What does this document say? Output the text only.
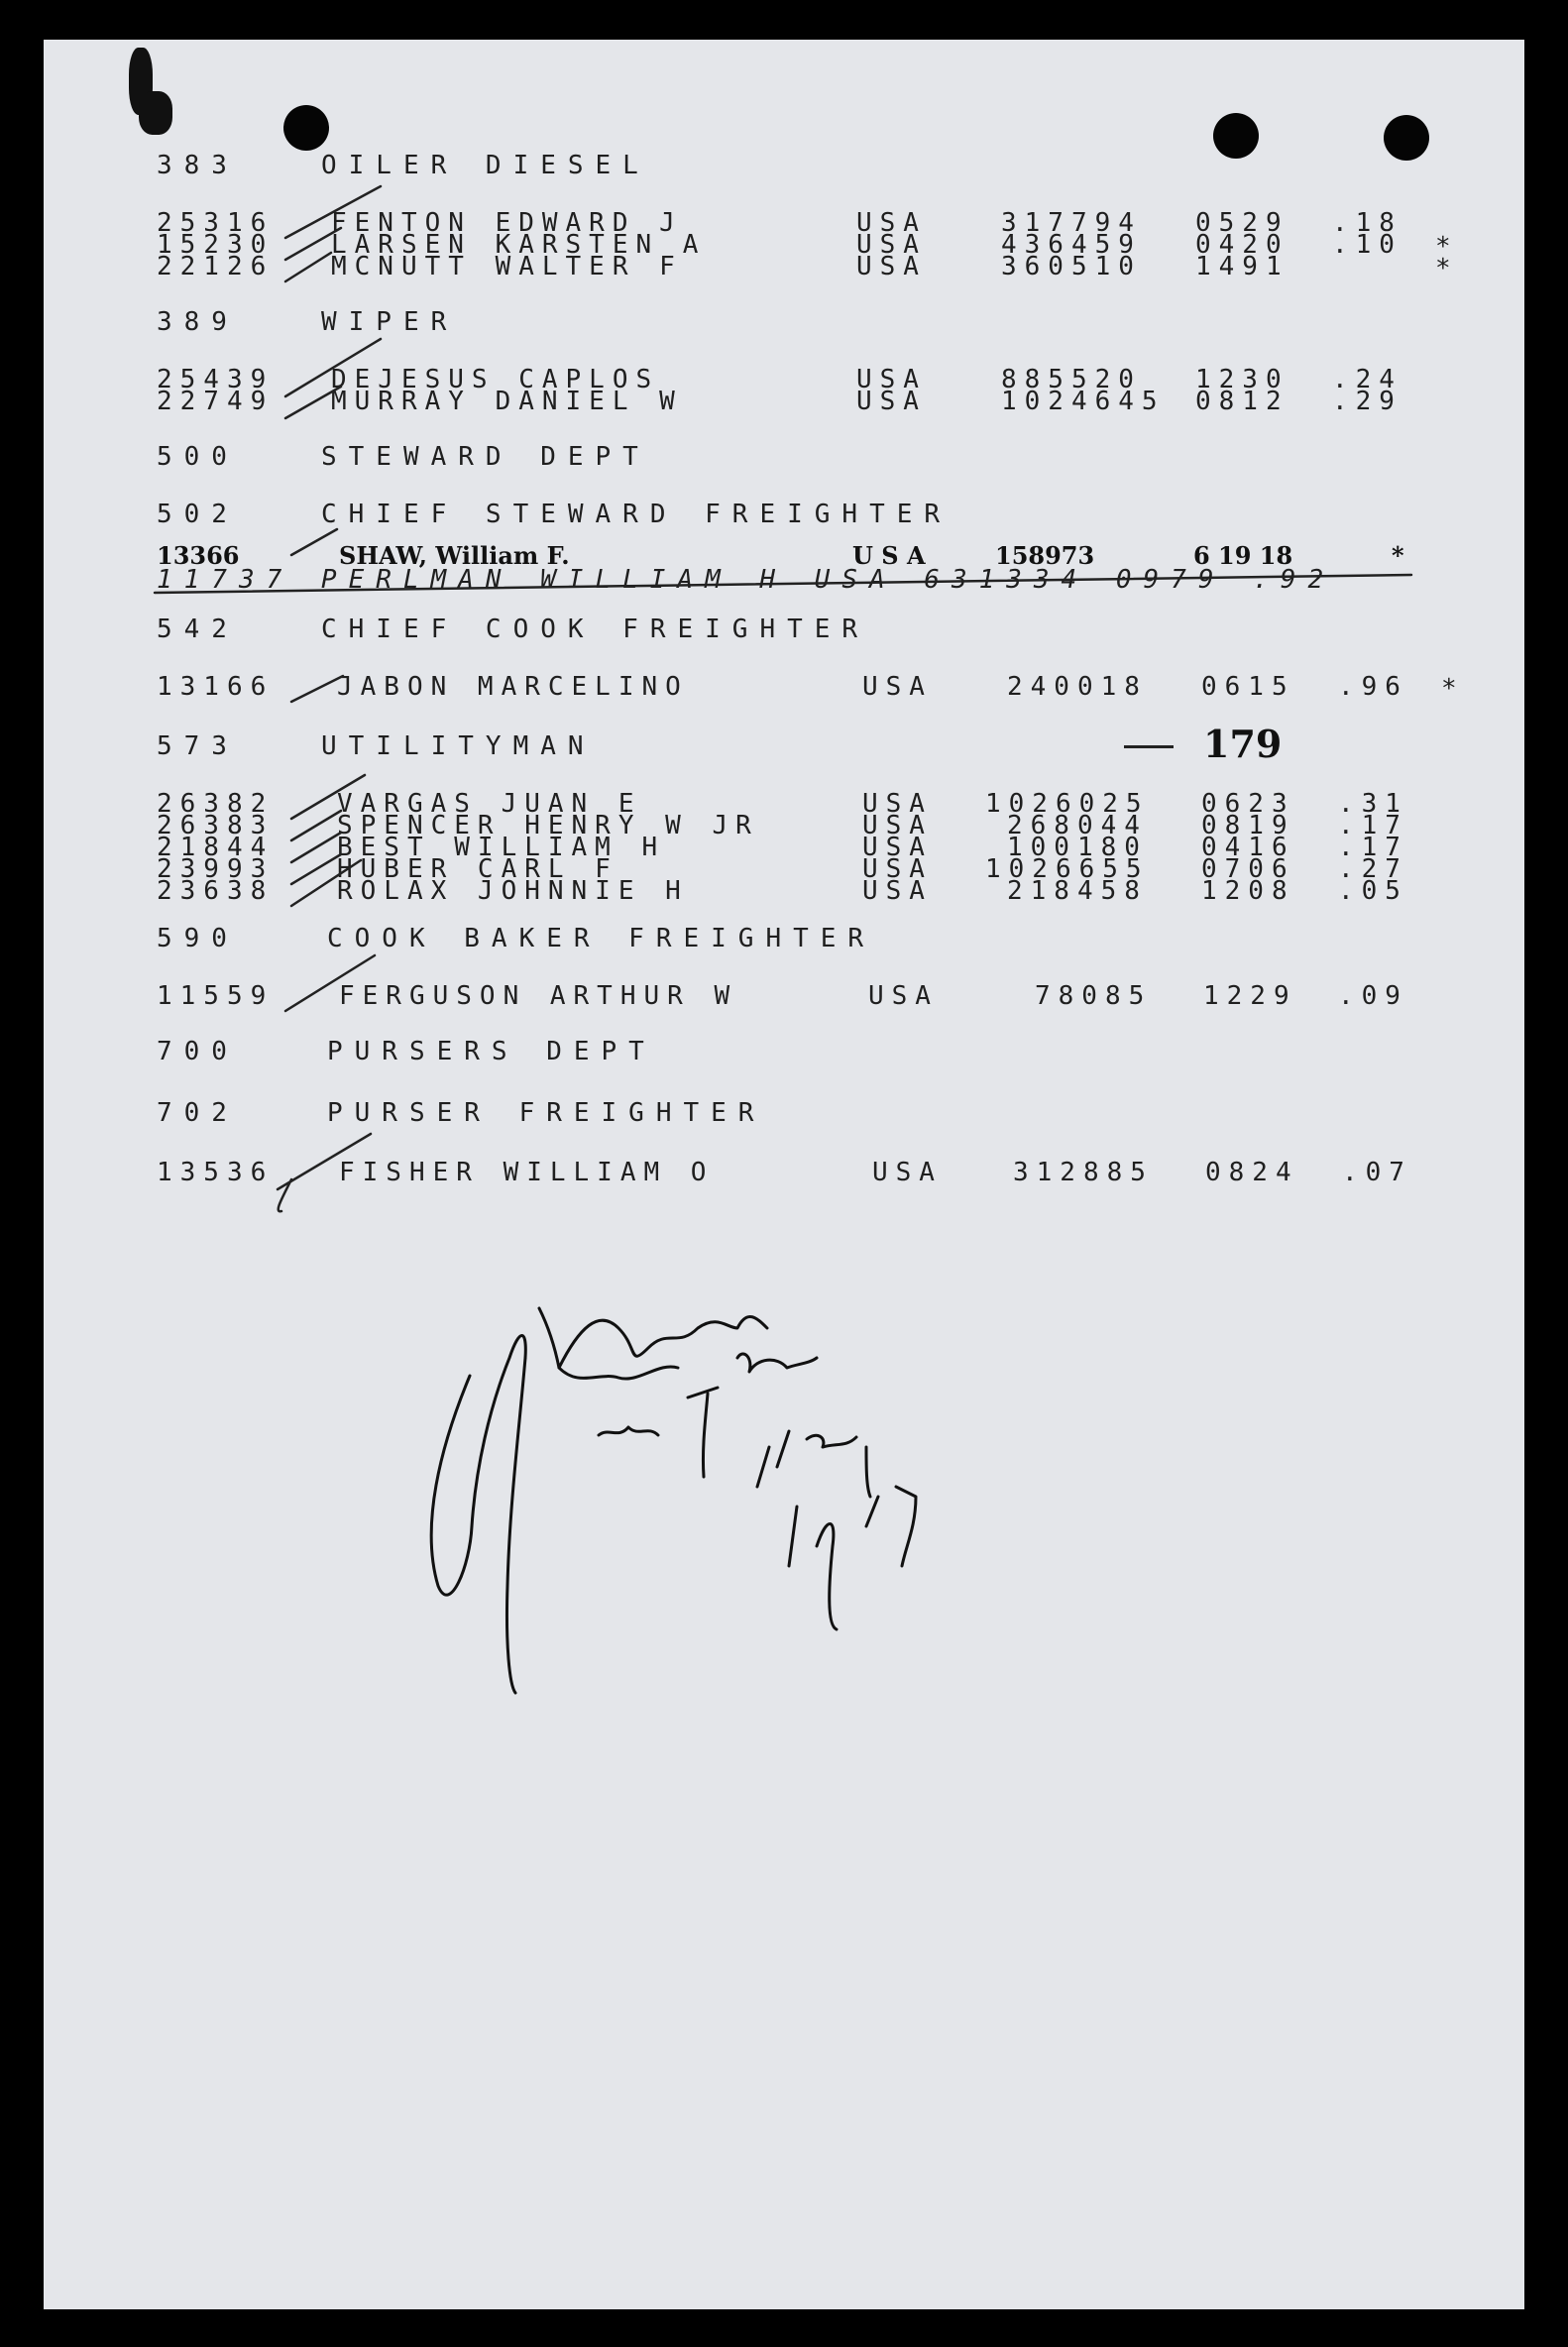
383	OILER DIESEL
25316 FENTON EDWARD J	USA	317794 0529 .18
15230 LARSEN KARSTEN A	USA	436459 0420 .10 *
22126 MCNUTT WALTER F	USA	360510 1491	*
389	WIPER
25439 DEJESUS CAPLOS	USA	885520 1230 .24
22749 MURRAY DANIEL W	USA	1024645 0812 .29
500	STEWARD DEPT
502	CHIEF STEWARD FREIGHTER
13366	SHAW, William F.	U S A	158973	6 19 18	*
11737 PERLMAN WILLIAM H USA 631334 0979 .92
542	CHIEF COOK FREIGHTER
13166 JABON MARCELINO	USA	240018 0615 .96 *
573	UTILITYMAN	179
26382 VARGAS JUAN E	USA 1026025 0623 .31
26383 SPENCER HENRY W JR	USA	268044 0819 .17
21844 BEST WILLIAM H	USA	100180 0416 .17
23993 HUBER CARL F	USA 1026655 0706 .27
23638 ROLAX JOHNNIE H	USA	218458 1208 .05
590	COOK BAKER FREIGHTER
11559	FERGUSON ARTHUR W	USA	78085 1229 .09
700	PURSERS DEPT
702	PURSER FREIGHTER
13536	FISHER WILLIAM O	USA	312885 0824 .07
